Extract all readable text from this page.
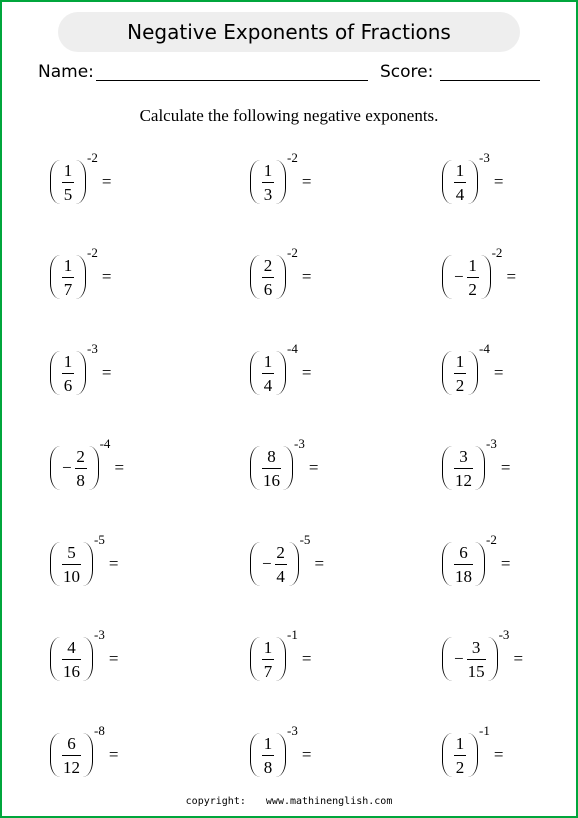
Negative Exponents of Fractions
Name:	Score:
Calculate the following negative exponents.
$\frac{1}{5}$
-2
=	$\frac{1}{3}$
-2
=	$\frac{1}{4}$
-3
=
$\frac{1}{7}$
-2
=	$\frac{2}{6}$
-2
=	− $\frac{1}{2}$
-2
=
$\frac{1}{6}$
-3
=	$\frac{1}{4}$
-4
=	$\frac{1}{2}$
-4
=
− $\frac{2}{8}$
-4
=	$\frac{8}{16}$
-3
=	$\frac{3}{12}$
-3
=
$\frac{5}{10}$
-5
=	− $\frac{2}{4}$
-5
=	$\frac{6}{18}$
-2
=
$\frac{4}{16}$
-3
=	$\frac{1}{7}$
-1
=	− $\frac{3}{15}$
-3
=
$\frac{6}{12}$
-8
=	$\frac{1}{8}$
-3
=	$\frac{1}{2}$
-1
=
copyright: www.mathinenglish.com
